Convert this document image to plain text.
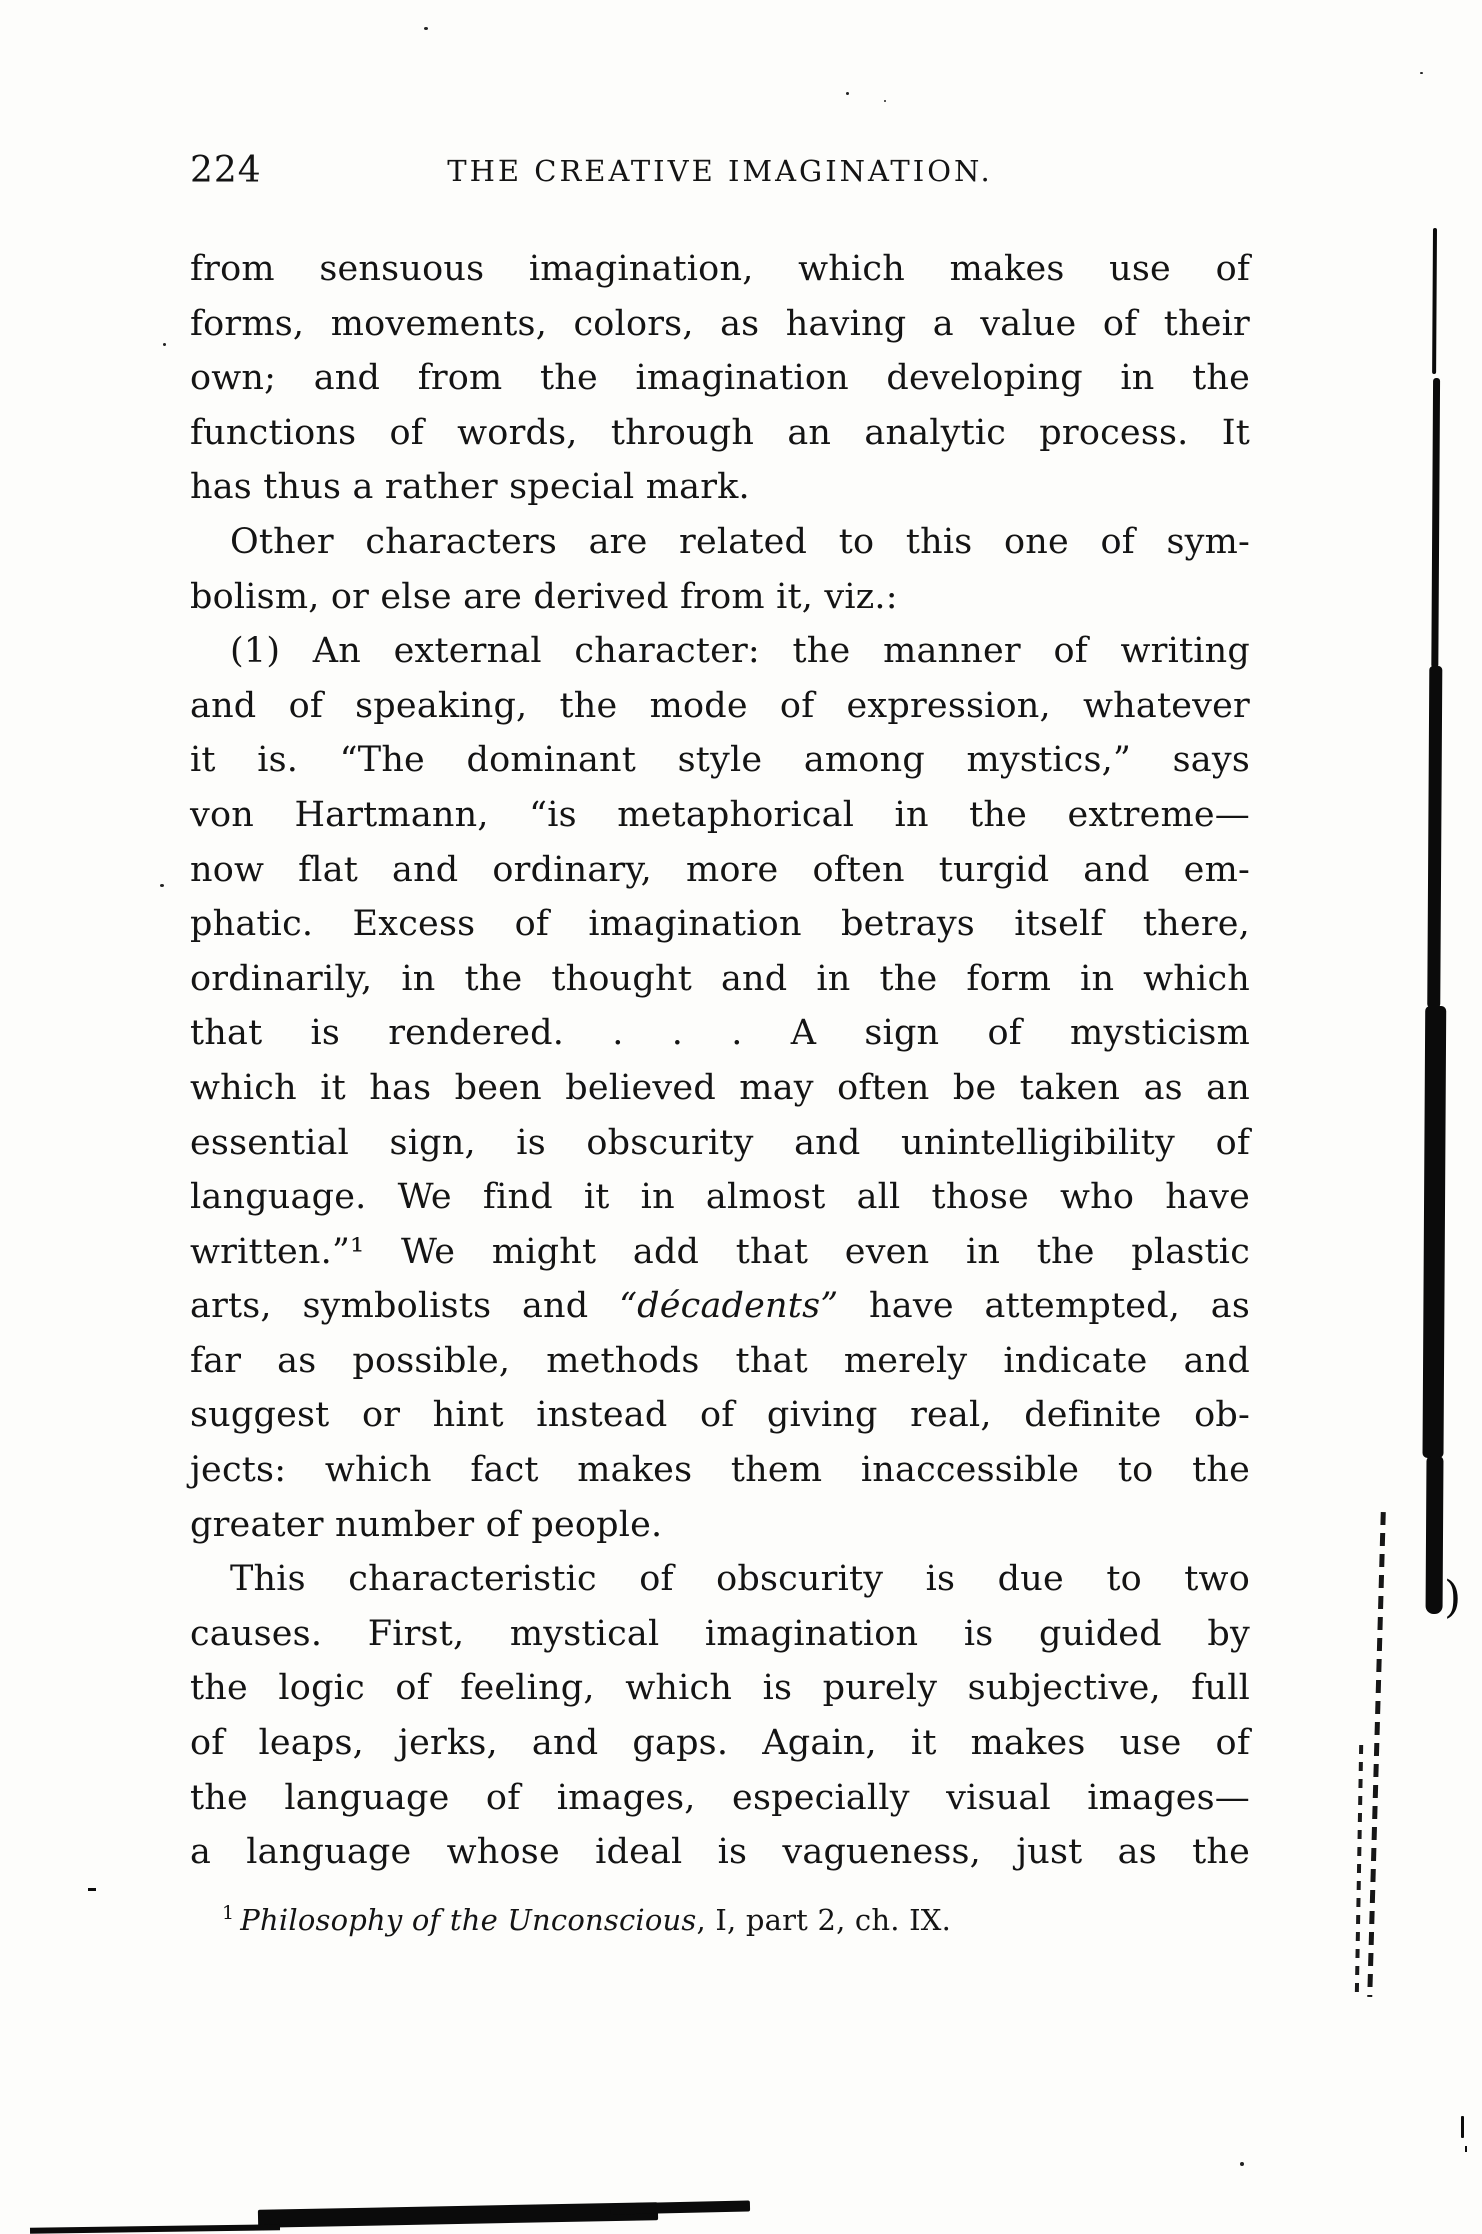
224	THE CREATIVE IMAGINATION.
from sensuous imagination, which makes use of
forms, movements, colors, as having a value of their
own; and from the imagination developing in the
functions of words, through an analytic process. It
has thus a rather special mark.
Other characters are related to this one of sym-
bolism, or else are derived from it, viz.:
(1) An external character: the manner of writing
and of speaking, the mode of expression, whatever
it is. “The dominant style among mystics,” says
von Hartmann, “is metaphorical in the extreme—
now flat and ordinary, more often turgid and em-
phatic. Excess of imagination betrays itself there,
ordinarily, in the thought and in the form in which
that is rendered. . . . A sign of mysticism
which it has been believed may often be taken as an
essential sign, is obscurity and unintelligibility of
language. We find it in almost all those who have
written.”¹ We might add that even in the plastic
arts, symbolists and “décadents” have attempted, as
far as possible, methods that merely indicate and
suggest or hint instead of giving real, definite ob-
jects: which fact makes them inaccessible to the
greater number of people.
This characteristic of obscurity is due to two
causes. First, mystical imagination is guided by
the logic of feeling, which is purely subjective, full
of leaps, jerks, and gaps. Again, it makes use of
the language of images, especially visual images—
a language whose ideal is vagueness, just as the
$^1$ Philosophy of the Unconscious, I, part 2, ch. IX.
)
